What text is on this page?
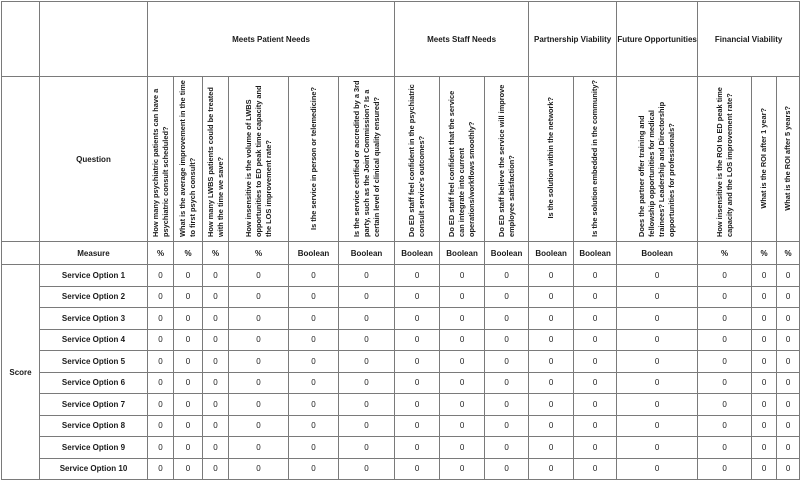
		Meets Patient Needs						Meets Staff Needs			Partnership Viability		Future Opportunities	Financial Viability		
	Question	How many psychiatric patients can have a psychiatric consult scheduled?	What is the average improvement in the time to first psych consult?	How many LWBS patients could be treated with the time we save?	How insensitive is the volume of LWBS opportunities to ED peak time capacity and the LOS improvement rate?	Is the service in person or telemedicine?	Is the service certified or accredited by a 3rd party, such as the Joint Commission? Is a certain level of clinical quality ensured?	Do ED staff feel confident in the psychiatric consult service's outcomes?	Do ED staff feel confident that the service can integrate into current operations/workflows smoothly?	Do ED staff believe the service will improve employee satisfaction?	Is the solution within the network?	Is the solution embedded in the community?	Does the partner offer training and fellowship opportunities for medical trainees? Leadership and Directorship opportunities for professionals?	How insensitive is the ROI to ED peak time capacity and the LOS improvement rate?	What is the ROI after 1 year?	What is the ROI after 5 years?
	Measure	%	%	%	%	Boolean	Boolean	Boolean	Boolean	Boolean	Boolean	Boolean	Boolean	%	%	%
Score	Service Option 1	0	0	0	0	0	0	0	0	0	0	0	0	0	0	0
	Service Option 2	0	0	0	0	0	0	0	0	0	0	0	0	0	0	0
	Service Option 3	0	0	0	0	0	0	0	0	0	0	0	0	0	0	0
	Service Option 4	0	0	0	0	0	0	0	0	0	0	0	0	0	0	0
	Service Option 5	0	0	0	0	0	0	0	0	0	0	0	0	0	0	0
	Service Option 6	0	0	0	0	0	0	0	0	0	0	0	0	0	0	0
	Service Option 7	0	0	0	0	0	0	0	0	0	0	0	0	0	0	0
	Service Option 8	0	0	0	0	0	0	0	0	0	0	0	0	0	0	0
	Service Option 9	0	0	0	0	0	0	0	0	0	0	0	0	0	0	0
	Service Option 10	0	0	0	0	0	0	0	0	0	0	0	0	0	0	0
